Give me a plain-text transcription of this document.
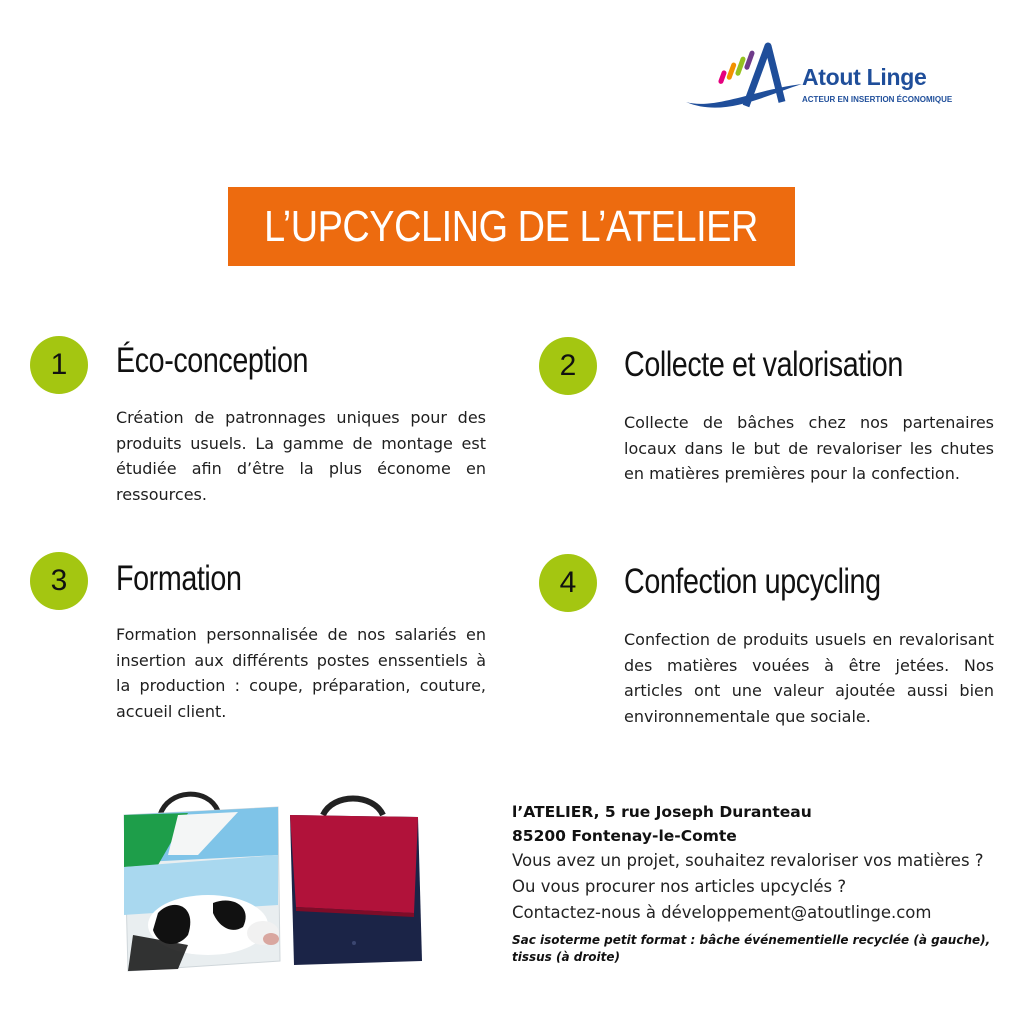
Atout Linge
ACTEUR EN INSERTION ÉCONOMIQUE
L’UPCYCLING DE L’ATELIER
1	Éco-conception
Création de patronnages uniques pour des produits usuels. La gamme de montage est étudiée afin d’être la plus économe en ressources.
2	Collecte et valorisation
Collecte de bâches chez nos partenaires locaux dans le but de revaloriser les chutes en matières premières pour la confection.
3	Formation
Formation personnalisée de nos salariés en insertion aux différents postes enssentiels à la production : coupe, préparation, couture, accueil client.
4	Confection upcycling
Confection de produits usuels en revalorisant des matières vouées à être jetées. Nos articles ont une valeur ajoutée aussi bien environnementale que sociale.
l’ATELIER, 5 rue Joseph Duranteau
85200 Fontenay-le-Comte
Vous avez un projet, souhaitez revaloriser vos matières ?
Ou vous procurer nos articles upcyclés ?
Contactez-nous à développement@atoutlinge.com
Sac isoterme petit format : bâche événementielle recyclée (à gauche), tissus (à droite)
